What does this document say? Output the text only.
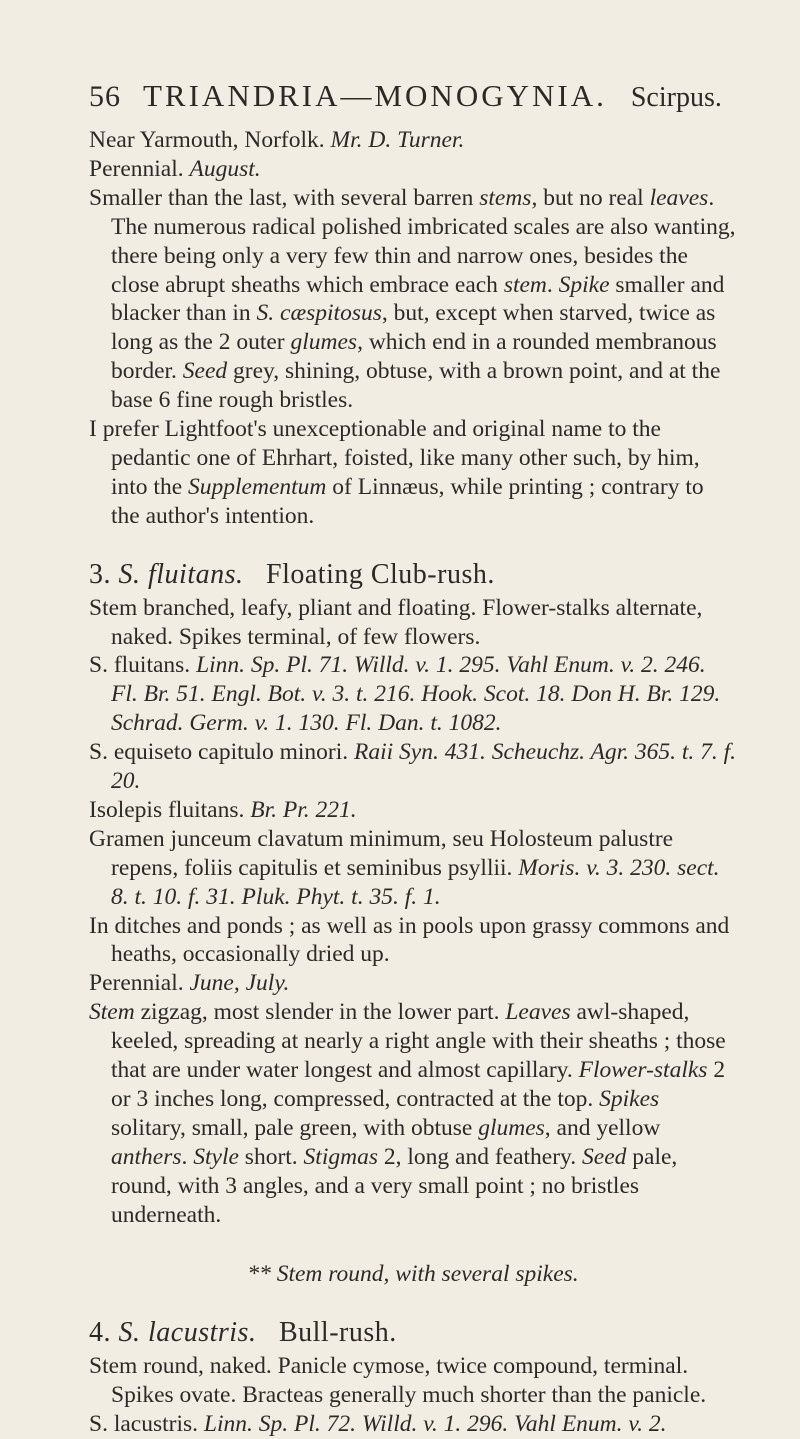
56 TRIANDRIA—MONOGYNIA. Scirpus.

Near Yarmouth, Norfolk. Mr. D. Turner.

Perennial. August.

Smaller than the last, with several barren stems, but no real leaves. The numerous radical polished imbricated scales are also wanting, there being only a very few thin and narrow ones, besides the close abrupt sheaths which embrace each stem. Spike smaller and blacker than in S. cæspitosus, but, except when starved, twice as long as the 2 outer glumes, which end in a rounded membranous border. Seed grey, shining, obtuse, with a brown point, and at the base 6 fine rough bristles.

I prefer Lightfoot's unexceptionable and original name to the pedantic one of Ehrhart, foisted, like many other such, by him, into the Supplementum of Linnæus, while printing ; contrary to the author's intention.

3. S. fluitans. Floating Club-rush.

Stem branched, leafy, pliant and floating. Flower-stalks alternate, naked. Spikes terminal, of few flowers.

S. fluitans. Linn. Sp. Pl. 71. Willd. v. 1. 295. Vahl Enum. v. 2. 246. Fl. Br. 51. Engl. Bot. v. 3. t. 216. Hook. Scot. 18. Don H. Br. 129. Schrad. Germ. v. 1. 130. Fl. Dan. t. 1082.

S. equiseto capitulo minori. Raii Syn. 431. Scheuchz. Agr. 365. t. 7. f. 20.

Isolepis fluitans. Br. Pr. 221.

Gramen junceum clavatum minimum, seu Holosteum palustre repens, foliis capitulis et seminibus psyllii. Moris. v. 3. 230. sect. 8. t. 10. f. 31. Pluk. Phyt. t. 35. f. 1.

In ditches and ponds ; as well as in pools upon grassy commons and heaths, occasionally dried up.

Perennial. June, July.

Stem zigzag, most slender in the lower part. Leaves awl-shaped, keeled, spreading at nearly a right angle with their sheaths ; those that are under water longest and almost capillary. Flower-stalks 2 or 3 inches long, compressed, contracted at the top. Spikes solitary, small, pale green, with obtuse glumes, and yellow anthers. Style short. Stigmas 2, long and feathery. Seed pale, round, with 3 angles, and a very small point ; no bristles underneath.

** Stem round, with several spikes.

4. S. lacustris. Bull-rush.

Stem round, naked. Panicle cymose, twice compound, terminal. Spikes ovate. Bracteas generally much shorter than the panicle.

S. lacustris. Linn. Sp. Pl. 72. Willd. v. 1. 296. Vahl Enum. v. 2.
